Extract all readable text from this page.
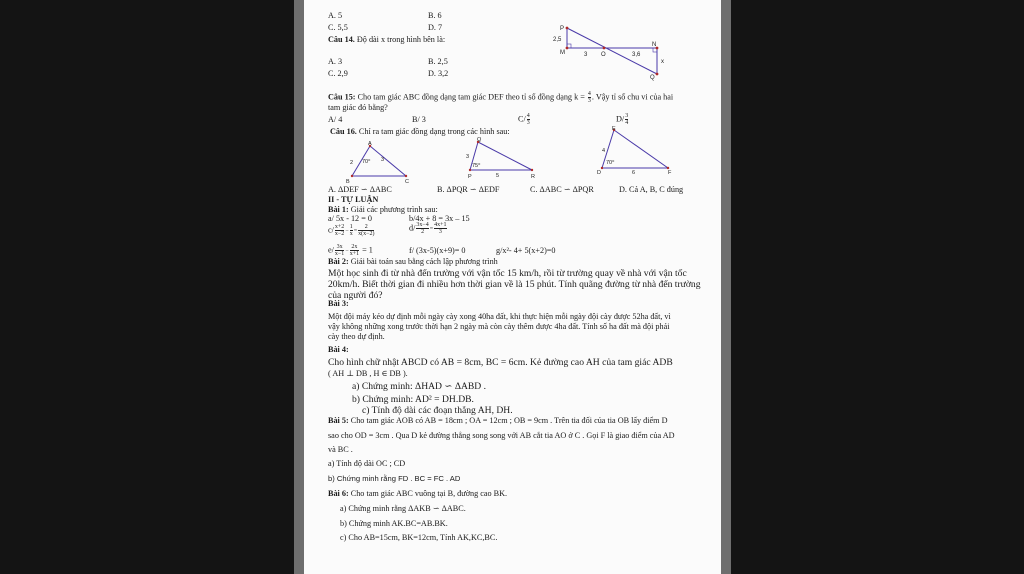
A. 5	B. 6
C. 5,5	D. 7
Câu 14. Độ dài x trong hình bên là:
A. 3	B. 2,5
C. 2,9	D. 3,2
P
M	O
N
Q
2,5
3	3,6
x
Câu 15: Cho tam giác ABC đồng dạng tam giác DEF theo tỉ số đồng dạng $k = \frac{4}{3}$ . Vậy tỉ số chu vi của hai
tam giác đó bằng?
A/ 4	B/ 3	$C/ \frac{4}{3}$	$D/ \frac{3}{4}$
Câu 16. Chỉ ra tam giác đồng dạng trong các hình sau:
A
B	C
2	3
70⁰
Q
P	R
3
5
75⁰
E
D	F
4
6
70⁰
A. ΔDEF ∽ ΔABC	B. ΔPQR ∽ ΔEDF	C. ΔABC ∽ ΔPQR	D. Cả A, B, C đúng
II - TỰ LUẬN
Bài 1: Giải các phương trình sau:
a/ 5x - 12 = 0	b/4x + 8 = 3x – 15
$c/ \frac{x+2}{x-2} - \frac{1}{x} = \frac{2}{x(x-2)}$	$d/ \frac{3x-4}{2} = \frac{4x+1}{3}$
$e/ \frac{3x}{x-1} - \frac{2x}{x+1} = 1$	f/ (3x-5)(x+9)= 0	g/x²- 4+ 5(x+2)=0
Bài 2: Giải bài toán sau bằng cách lập phương trình
Một học sinh đi từ nhà đến trường với vận tốc 15 km/h, rồi từ trường quay về nhà với vận tốc
20km/h. Biết thời gian đi nhiều hơn thời gian về là 15 phút. Tính quãng đường từ nhà đến trường
của người đó?
Bài 3:
Một đội máy kéo dự định mỗi ngày cày xong 40ha đất, khi thực hiện mỗi ngày đội cày được 52ha đất, vì
vậy không những xong trước thời hạn 2 ngày mà còn cày thêm được 4ha đất. Tính số ha đất mà đội phải
cày theo dự định.
Bài 4:
Cho hình chữ nhật ABCD có AB = 8cm, BC = 6cm. Kẻ đường cao AH của tam giác ADB
( AH ⊥ DB , H ∈ DB ).
a) Chứng minh: ΔHAD ∽ ΔABD .
b) Chứng minh: AD² = DH.DB.
c) Tính độ dài các đoạn thẳng AH, DH.
Bài 5: Cho tam giác AOB có AB = 18cm ; OA = 12cm ; OB = 9cm . Trên tia đối của tia OB lấy điểm D
sao cho OD = 3cm . Qua D kẻ đường thẳng song song với AB cắt tia AO ở C . Gọi F là giao điểm của AD
và BC .
a) Tính độ dài OC ; CD
b) Chứng minh rằng FD . BC = FC . AD
Bài 6: Cho tam giác ABC vuông tại B, đường cao BK.
a) Chứng minh rằng ΔAKB ∽ ΔABC.
b) Chứng minh AK.BC=AB.BK.
c) Cho AB=15cm, BK=12cm, Tính AK,KC,BC.
